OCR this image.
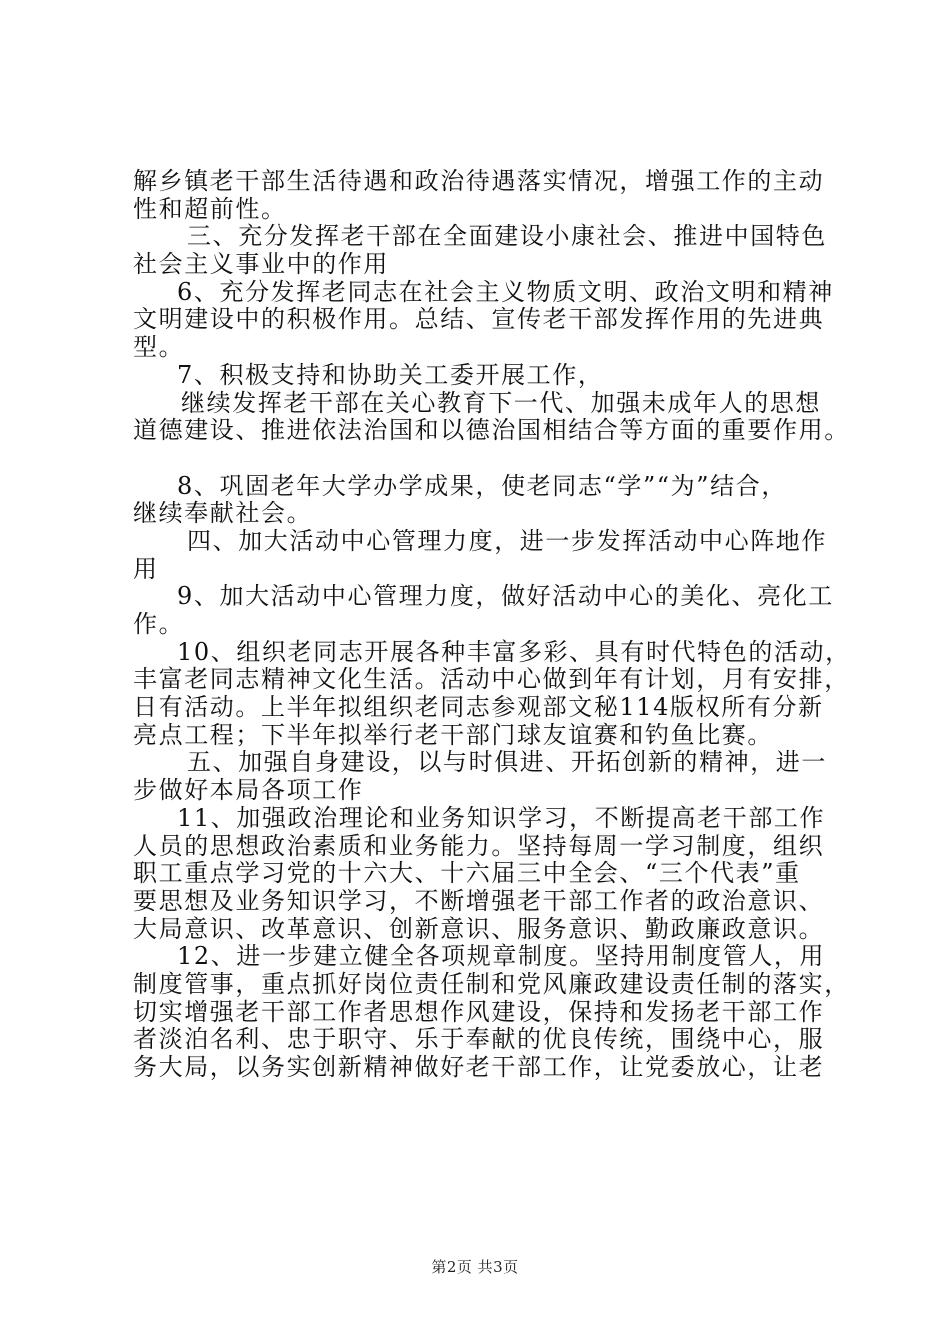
解乡镇老干部生活待遇和政治待遇落实情况，增强工作的主动
性和超前性。
三、充分发挥老干部在全面建设小康社会、推进中国特色
社会主义事业中的作用
6、充分发挥老同志在社会主义物质文明、政治文明和精神
文明建设中的积极作用。总结、宣传老干部发挥作用的先进典
型。
7、积极支持和协助关工委开展工作，
继续发挥老干部在关心教育下一代、加强未成年人的思想
道德建设、推进依法治国和以德治国相结合等方面的重要作用。
8、巩固老年大学办学成果，使老同志“学”“为”结合，
继续奉献社会。
四、加大活动中心管理力度，进一步发挥活动中心阵地作
用
9、加大活动中心管理力度，做好活动中心的美化、亮化工
作。
10、组织老同志开展各种丰富多彩、具有时代特色的活动，
丰富老同志精神文化生活。活动中心做到年有计划，月有安排，
日有活动。上半年拟组织老同志参观部文秘114版权所有分新
亮点工程；下半年拟举行老干部门球友谊赛和钓鱼比赛。
五、加强自身建设，以与时俱进、开拓创新的精神，进一
步做好本局各项工作
11、加强政治理论和业务知识学习，不断提高老干部工作
人员的思想政治素质和业务能力。坚持每周一学习制度，组织
职工重点学习党的十六大、十六届三中全会、“三个代表”重
要思想及业务知识学习，不断增强老干部工作者的政治意识、
大局意识、改革意识、创新意识、服务意识、勤政廉政意识。
12、进一步建立健全各项规章制度。坚持用制度管人，用
制度管事，重点抓好岗位责任制和党风廉政建设责任制的落实，
切实增强老干部工作者思想作风建设，保持和发扬老干部工作
者淡泊名利、忠于职守、乐于奉献的优良传统，围绕中心，服
务大局，以务实创新精神做好老干部工作，让党委放心，让老
第2页 共3页
